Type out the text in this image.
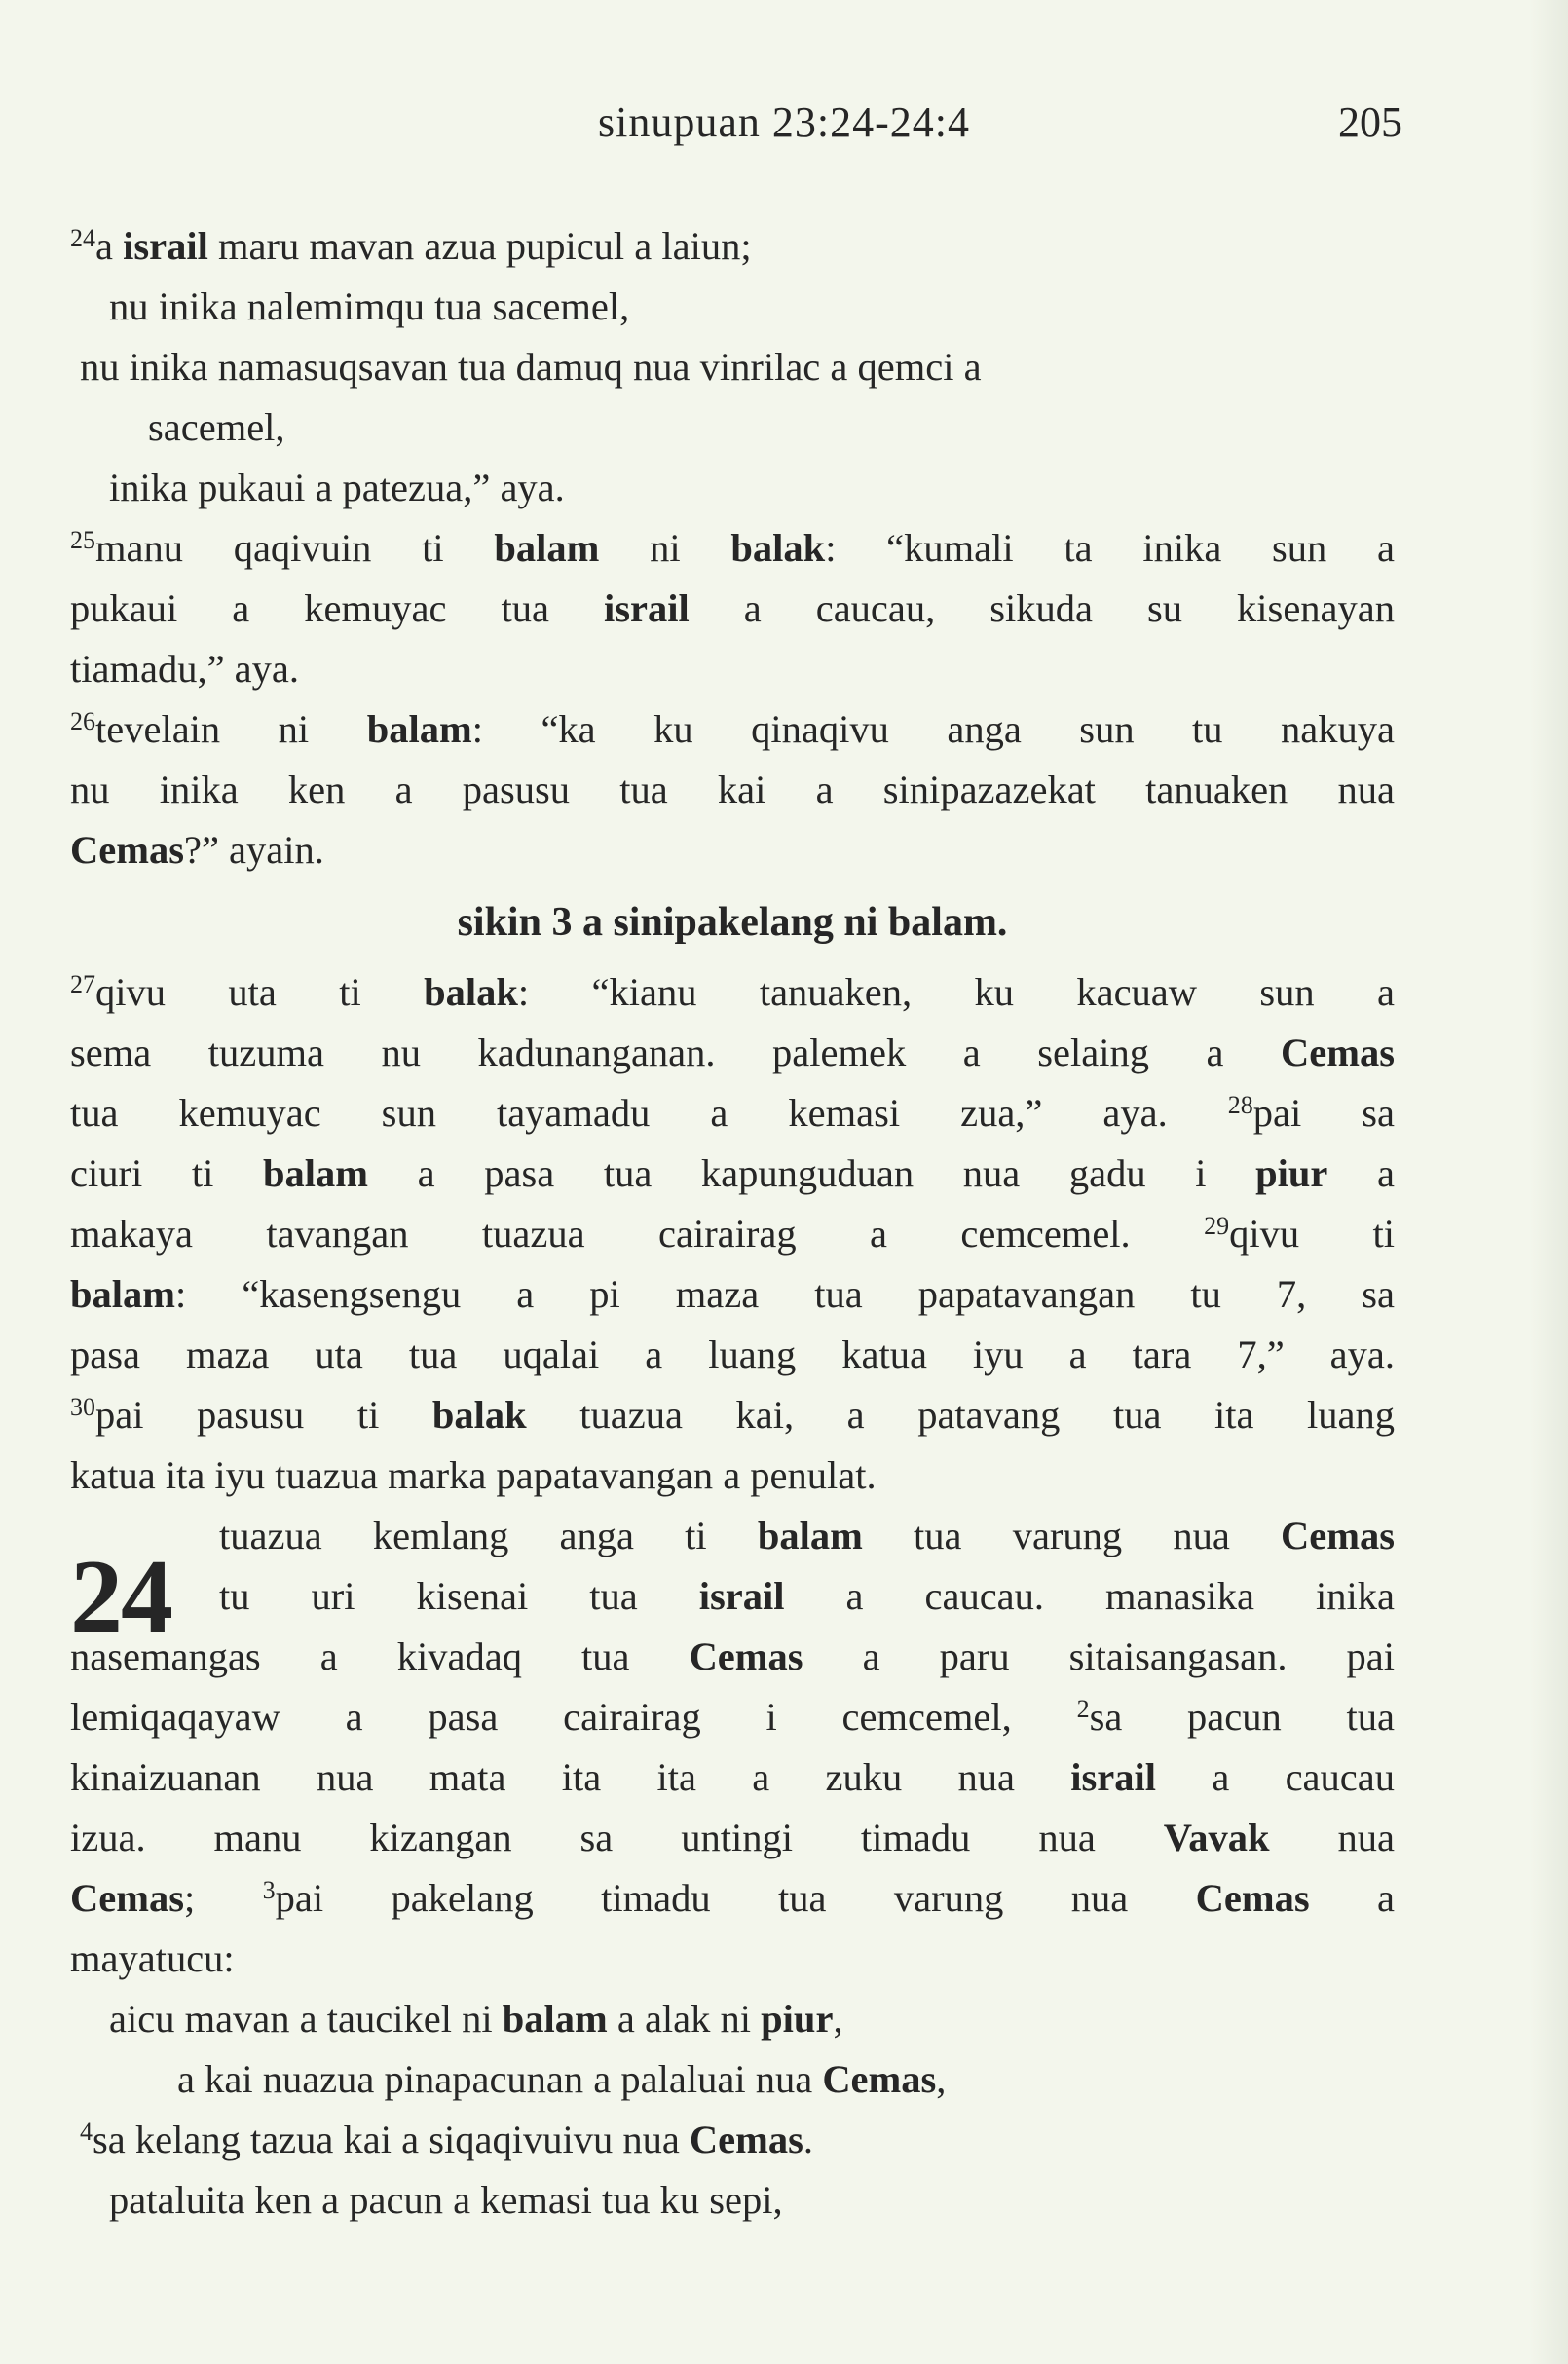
sinupuan 23:24-24:4	205
$^{24}$a israil maru mavan azua pupicul a laiun;
nu inika nalemimqu tua sacemel,
nu inika namasuqsavan tua damuq nua vinrilac a qemci a
sacemel,
inika pukaui a patezua,” aya.
$^{25}$manu qaqivuin ti balam ni balak: “kumali ta inika sun a
pukaui a kemuyac tua israil a caucau, sikuda su kisenayan
tiamadu,” aya.
$^{26}$tevelain ni balam: “ka ku qinaqivu anga sun tu nakuya
nu inika ken a pasusu tua kai a sinipazazekat tanuaken nua
Cemas?” ayain.
sikin 3 a sinipakelang ni balam.
$^{27}$qivu uta ti balak: “kianu tanuaken, ku kacuaw sun a
sema tuzuma nu kadunanganan. palemek a selaing a Cemas
tua kemuyac sun tayamadu a kemasi zua,” aya. $^{28}$pai sa
ciuri ti balam a pasa tua kapunguduan nua gadu i piur a
makaya tavangan tuazua cairairag a cemcemel. $^{29}$qivu ti
balam: “kasengsengu a pi maza tua papatavangan tu 7, sa
pasa maza uta tua uqalai a luang katua iyu a tara 7,” aya.
$^{30}$pai pasusu ti balak tuazua kai, a patavang tua ita luang
katua ita iyu tuazua marka papatavangan a penulat.
24
tuazua kemlang anga ti balam tua varung nua Cemas
tu uri kisenai tua israil a caucau. manasika inika
nasemangas a kivadaq tua Cemas a paru sitaisangasan. pai
lemiqaqayaw a pasa cairairag i cemcemel, $^2$sa pacun tua
kinaizuanan nua mata ita ita a zuku nua israil a caucau
izua. manu kizangan sa untingi timadu nua Vavak nua
Cemas; $^3$pai pakelang timadu tua varung nua Cemas a
mayatucu:
aicu mavan a taucikel ni balam a alak ni piur,
a kai nuazua pinapacunan a palaluai nua Cemas,
$^4$sa kelang tazua kai a siqaqivuivu nua Cemas.
pataluita ken a pacun a kemasi tua ku sepi,
